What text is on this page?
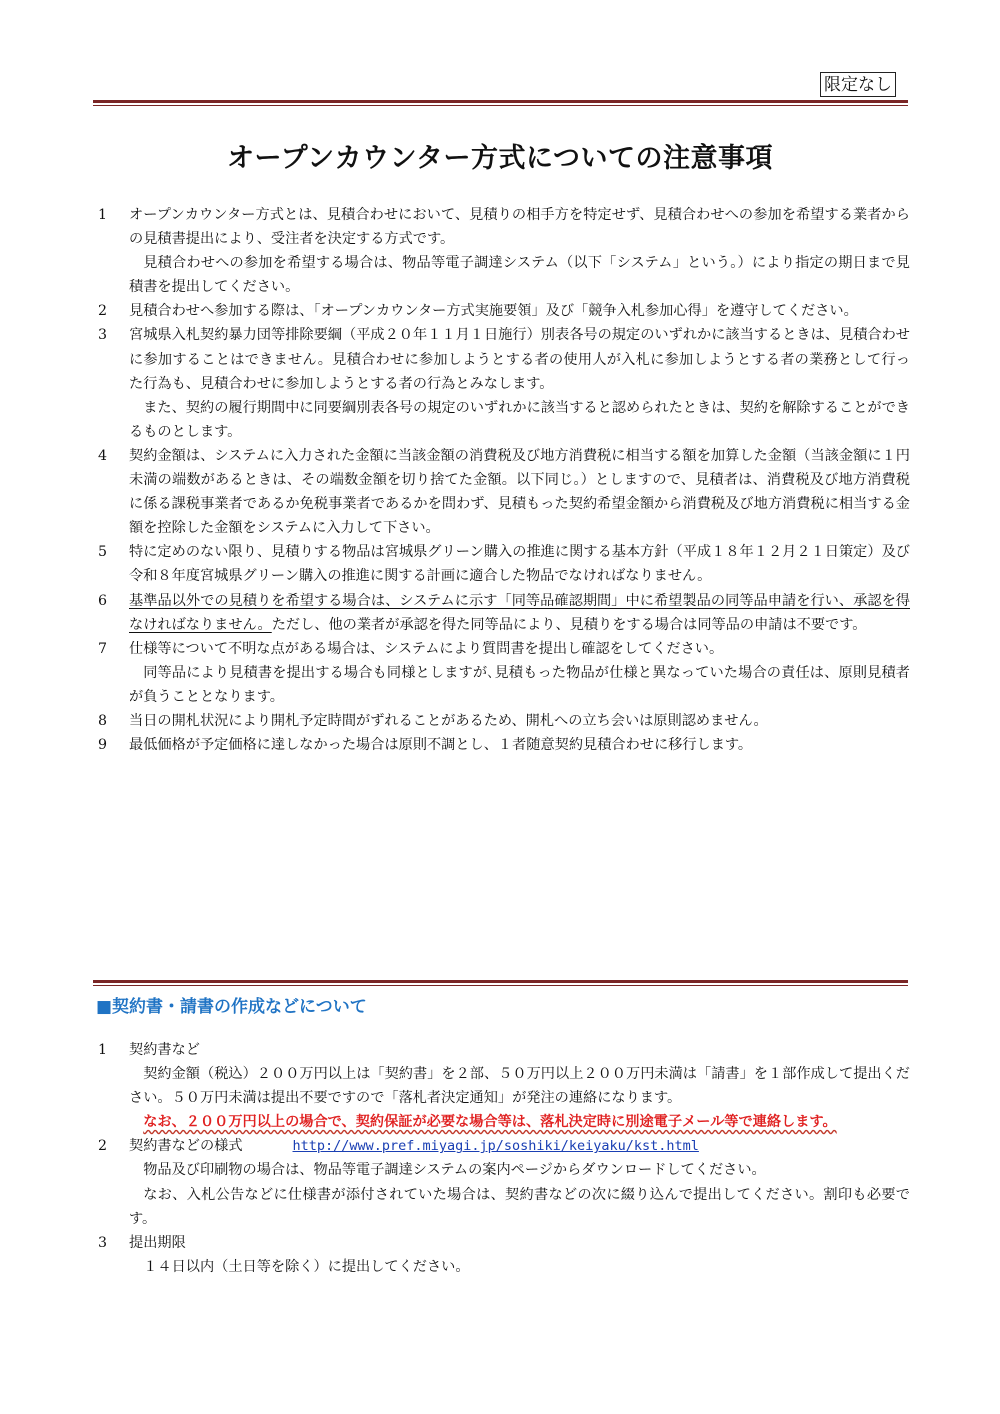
限定なし
オープンカウンター方式についての注意事項
1 オープンカウンター方式とは、見積合わせにおいて、見積りの相手方を特定せず、見積合わせへの参加を希望する業者からの見積書提出により、受注者を決定する方式です。

見積合わせへの参加を希望する場合は、物品等電子調達システム（以下「システム」という。）により指定の期日まで見積書を提出してください。

2 見積合わせへ参加する際は、「オープンカウンター方式実施要領」及び「競争入札参加心得」を遵守してください。

3 宮城県入札契約暴力団等排除要綱（平成２０年１１月１日施行）別表各号の規定のいずれかに該当するときは、見積合わせに参加することはできません。見積合わせに参加しようとする者の使用人が入札に参加しようとする者の業務として行った行為も、見積合わせに参加しようとする者の行為とみなします。

また、契約の履行期間中に同要綱別表各号の規定のいずれかに該当すると認められたときは、契約を解除することができるものとします。

4 契約金額は、システムに入力された金額に当該金額の消費税及び地方消費税に相当する額を加算した金額（当該金額に１円未満の端数があるときは、その端数金額を切り捨てた金額。以下同じ。）としますので、見積者は、消費税及び地方消費税に係る課税事業者であるか免税事業者であるかを問わず、見積もった契約希望金額から消費税及び地方消費税に相当する金額を控除した金額をシステムに入力して下さい。

5 特に定めのない限り、見積りする物品は宮城県グリーン購入の推進に関する基本方針（平成１８年１２月２１日策定）及び令和８年度宮城県グリーン購入の推進に関する計画に適合した物品でなければなりません。

6 基準品以外での見積りを希望する場合は、システムに示す「同等品確認期間」中に希望製品の同等品申請を行い、承認を得なければなりません。ただし、他の業者が承認を得た同等品により、見積りをする場合は同等品の申請は不要です。

7 仕様等について不明な点がある場合は、システムにより質問書を提出し確認をしてください。

同等品により見積書を提出する場合も同様としますが､見積もった物品が仕様と異なっていた場合の責任は、原則見積者が負うこととなります。

8 当日の開札状況により開札予定時間がずれることがあるため、開札への立ち会いは原則認めません。

9 最低価格が予定価格に達しなかった場合は原則不調とし、１者随意契約見積合わせに移行します。

■契約書・請書の作成などについて
1 契約書など

契約金額（税込）２００万円以上は「契約書」を２部、５０万円以上２００万円未満は「請書」を１部作成して提出ください。５０万円未満は提出不要ですので「落札者決定通知」が発注の連絡になります。

なお、２００万円以上の場合で、契約保証が必要な場合等は、落札決定時に別途電子メール等で連絡します。

2 契約書などの様式	http://www.pref.miyagi.jp/soshiki/keiyaku/kst.html

物品及び印刷物の場合は、物品等電子調達システムの案内ページからダウンロードしてください。

なお、入札公告などに仕様書が添付されていた場合は、契約書などの次に綴り込んで提出してください。割印も必要です。

3 提出期限

１４日以内（土日等を除く）に提出してください。
